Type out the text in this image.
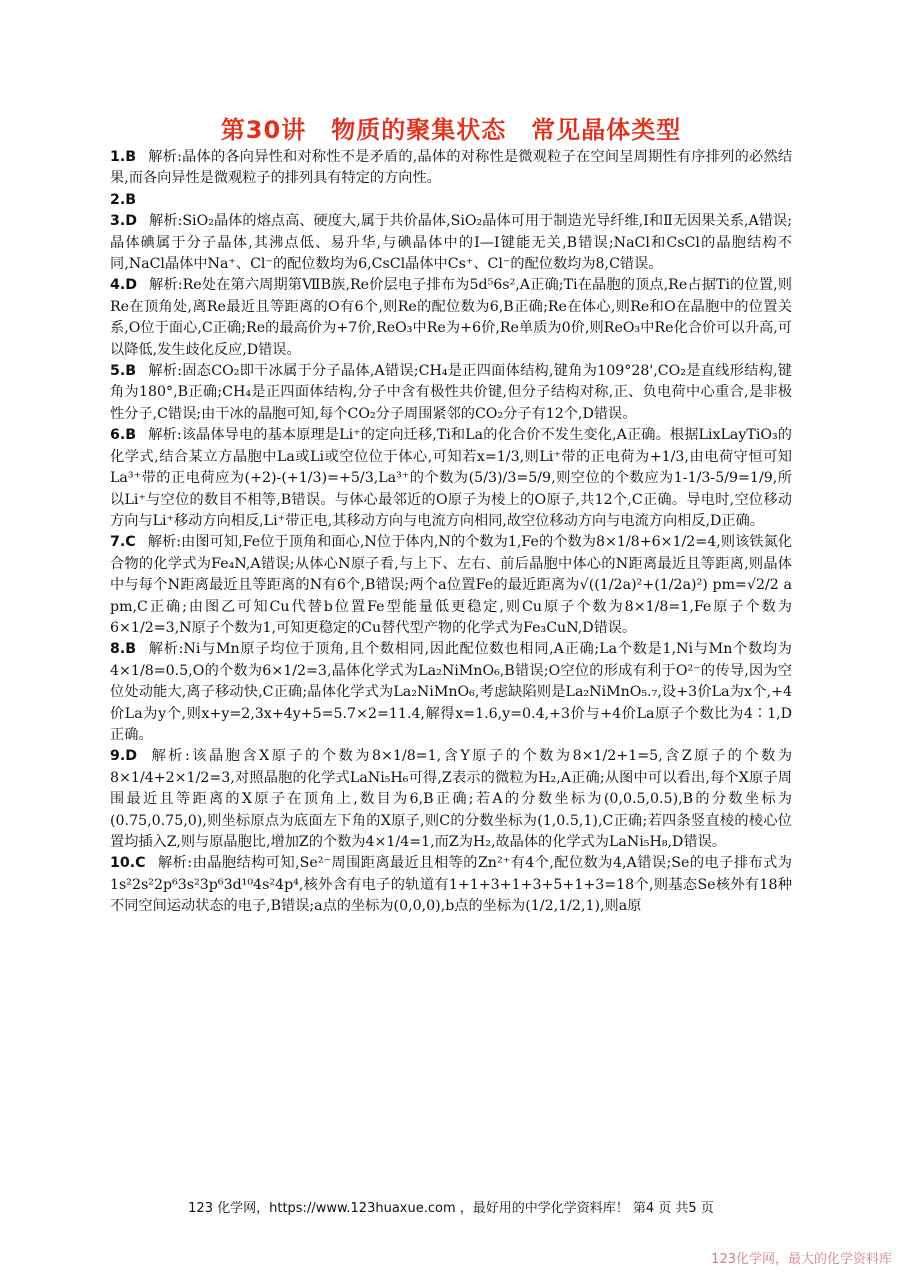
第30讲　物质的聚集状态　常见晶体类型

1.B 解析:晶体的各向异性和对称性不是矛盾的,晶体的对称性是微观粒子在空间呈周期性有序排列的必然结果,而各向异性是微观粒子的排列具有特定的方向性。

2.B

3.D 解析:SiO₂晶体的熔点高、硬度大,属于共价晶体,SiO₂晶体可用于制造光导纤维,Ⅰ和Ⅱ无因果关系,A错误;晶体碘属于分子晶体,其沸点低、易升华,与碘晶体中的I—I键能无关,B错误;NaCl和CsCl的晶胞结构不同,NaCl晶体中Na⁺、Cl⁻的配位数均为6,CsCl晶体中Cs⁺、Cl⁻的配位数均为8,C错误。

4.D 解析:Re处在第六周期第ⅦB族,Re价层电子排布为5d⁵6s²,A正确;Ti在晶胞的顶点,Re占据Ti的位置,则Re在顶角处,离Re最近且等距离的O有6个,则Re的配位数为6,B正确;Re在体心,则Re和O在晶胞中的位置关系,O位于面心,C正确;Re的最高价为+7价,ReO₃中Re为+6价,Re单质为0价,则ReO₃中Re化合价可以升高,可以降低,发生歧化反应,D错误。

5.B 解析:固态CO₂即干冰属于分子晶体,A错误;CH₄是正四面体结构,键角为109°28',CO₂是直线形结构,键角为180°,B正确;CH₄是正四面体结构,分子中含有极性共价键,但分子结构对称,正、负电荷中心重合,是非极性分子,C错误;由干冰的晶胞可知,每个CO₂分子周围紧邻的CO₂分子有12个,D错误。

6.B 解析:该晶体导电的基本原理是Li⁺的定向迁移,Ti和La的化合价不发生变化,A正确。根据LixLayTiO₃的化学式,结合某立方晶胞中La或Li或空位位于体心,可知若x=1/3,则Li⁺带的正电荷为+1/3,由电荷守恒可知La³⁺带的正电荷应为(+2)-(+1/3)=+5/3,La³⁺的个数为(5/3)/3=5/9,则空位的个数应为1-1/3-5/9=1/9,所以Li⁺与空位的数目不相等,B错误。与体心最邻近的O原子为棱上的O原子,共12个,C正确。导电时,空位移动方向与Li⁺移动方向相反,Li⁺带正电,其移动方向与电流方向相同,故空位移动方向与电流方向相反,D正确。

7.C 解析:由图可知,Fe位于顶角和面心,N位于体内,N的个数为1,Fe的个数为8×1/8+6×1/2=4,则该铁氮化合物的化学式为Fe₄N,A错误;从体心N原子看,与上下、左右、前后晶胞中体心的N距离最近且等距离,则晶体中与每个N距离最近且等距离的N有6个,B错误;两个a位置Fe的最近距离为√((1/2a)²+(1/2a)²) pm=√2/2 a pm,C正确;由图乙可知Cu代替b位置Fe型能量低更稳定,则Cu原子个数为8×1/8=1,Fe原子个数为6×1/2=3,N原子个数为1,可知更稳定的Cu替代型产物的化学式为Fe₃CuN,D错误。

8.B 解析:Ni与Mn原子均位于顶角,且个数相同,因此配位数也相同,A正确;La个数是1,Ni与Mn个数均为4×1/8=0.5,O的个数为6×1/2=3,晶体化学式为La₂NiMnO₆,B错误;O空位的形成有利于O²⁻的传导,因为空位处动能大,离子移动快,C正确;晶体化学式为La₂NiMnO₆,考虑缺陷则是La₂NiMnO₅.₇,设+3价La为x个,+4价La为y个,则x+y=2,3x+4y+5=5.7×2=11.4,解得x=1.6,y=0.4,+3价与+4价La原子个数比为4∶1,D正确。

9.D 解析:该晶胞含X原子的个数为8×1/8=1,含Y原子的个数为8×1/2+1=5,含Z原子的个数为8×1/4+2×1/2=3,对照晶胞的化学式LaNi₅H₆可得,Z表示的微粒为H₂,A正确;从图中可以看出,每个X原子周围最近且等距离的X原子在顶角上,数目为6,B正确;若A的分数坐标为(0,0.5,0.5),B的分数坐标为(0.75,0.75,0),则坐标原点为底面左下角的X原子,则C的分数坐标为(1,0.5,1),C正确;若四条竖直棱的棱心位置均插入Z,则与原晶胞比,增加Z的个数为4×1/4=1,而Z为H₂,故晶体的化学式为LaNi₅H₈,D错误。

10.C 解析:由晶胞结构可知,Se²⁻周围距离最近且相等的Zn²⁺有4个,配位数为4,A错误;Se的电子排布式为1s²2s²2p⁶3s²3p⁶3d¹⁰4s²4p⁴,核外含有电子的轨道有1+1+3+1+3+5+1+3=18个,则基态Se核外有18种不同空间运动状态的电子,B错误;a点的坐标为(0,0,0),b点的坐标为(1/2,1/2,1),则a原

123 化学网，https://www.123huaxue.com ，最好用的中学化学资料库！ 第4 页 共5 页
123化学网，最大的化学资料库
